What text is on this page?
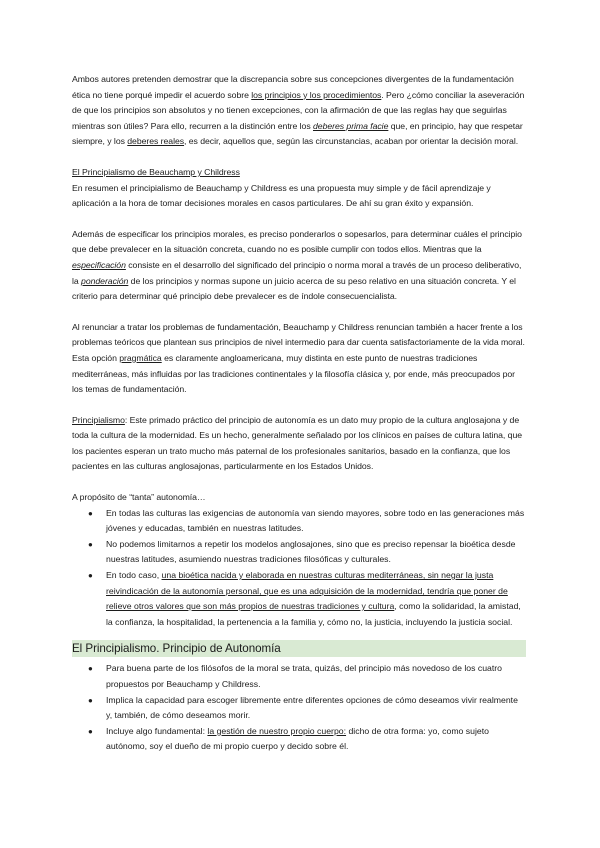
Ambos autores pretenden demostrar que la discrepancia sobre sus concepciones divergentes de la fundamentación ética no tiene porqué impedir el acuerdo sobre los principios y los procedimientos. Pero ¿cómo conciliar la aseveración de que los principios son absolutos y no tienen excepciones, con la afirmación de que las reglas hay que seguirlas mientras son útiles? Para ello, recurren a la distinción entre los deberes prima facie que, en principio, hay que respetar siempre, y los deberes reales, es decir, aquellos que, según las circunstancias, acaban por orientar la decisión moral.

El Principialismo de Beauchamp y Childress

En resumen el principialismo de Beauchamp y Childress es una propuesta muy simple y de fácil aprendizaje y aplicación a la hora de tomar decisiones morales en casos particulares. De ahí su gran éxito y expansión.

Además de especificar los principios morales, es preciso ponderarlos o sopesarlos, para determinar cuáles el principio que debe prevalecer en la situación concreta, cuando no es posible cumplir con todos ellos. Mientras que la especificación consiste en el desarrollo del significado del principio o norma moral a través de un proceso deliberativo, la ponderación de los principios y normas supone un juicio acerca de su peso relativo en una situación concreta. Y el criterio para determinar qué principio debe prevalecer es de índole consecuencialista.

Al renunciar a tratar los problemas de fundamentación, Beauchamp y Childress renuncian también a hacer frente a los problemas teóricos que plantean sus principios de nivel intermedio para dar cuenta satisfactoriamente de la vida moral. Esta opción pragmática es claramente angloamericana, muy distinta en este punto de nuestras tradiciones mediterráneas, más influidas por las tradiciones continentales y la filosofía clásica y, por ende, más preocupados por los temas de fundamentación.

Principialismo: Este primado práctico del principio de autonomía es un dato muy propio de la cultura anglosajona y de toda la cultura de la modernidad. Es un hecho, generalmente señalado por los clínicos en países de cultura latina, que los pacientes esperan un trato mucho más paternal de los profesionales sanitarios, basado en la confianza, que los pacientes en las culturas anglosajonas, particularmente en los Estados Unidos.

A propósito de “tanta” autonomía…

● En todas las culturas las exigencias de autonomía van siendo mayores, sobre todo en las generaciones más jóvenes y educadas, también en nuestras latitudes.
● No podemos limitarnos a repetir los modelos anglosajones, sino que es preciso repensar la bioética desde nuestras latitudes, asumiendo nuestras tradiciones filosóficas y culturales.
● En todo caso, una bioética nacida y elaborada en nuestras culturas mediterráneas, sin negar la justa reivindicación de la autonomía personal, que es una adquisición de la modernidad, tendría que poner de relieve otros valores que son más propios de nuestras tradiciones y cultura, como la solidaridad, la amistad, la confianza, la hospitalidad, la pertenencia a la familia y, cómo no, la justicia, incluyendo la justicia social.

El Principialismo. Principio de Autonomía

● Para buena parte de los filósofos de la moral se trata, quizás, del principio más novedoso de los cuatro propuestos por Beauchamp y Childress.
● Implica la capacidad para escoger libremente entre diferentes opciones de cómo deseamos vivir realmente y, también, de cómo deseamos morir.
● Incluye algo fundamental: la gestión de nuestro propio cuerpo: dicho de otra forma: yo, como sujeto autónomo, soy el dueño de mi propio cuerpo y decido sobre él.
